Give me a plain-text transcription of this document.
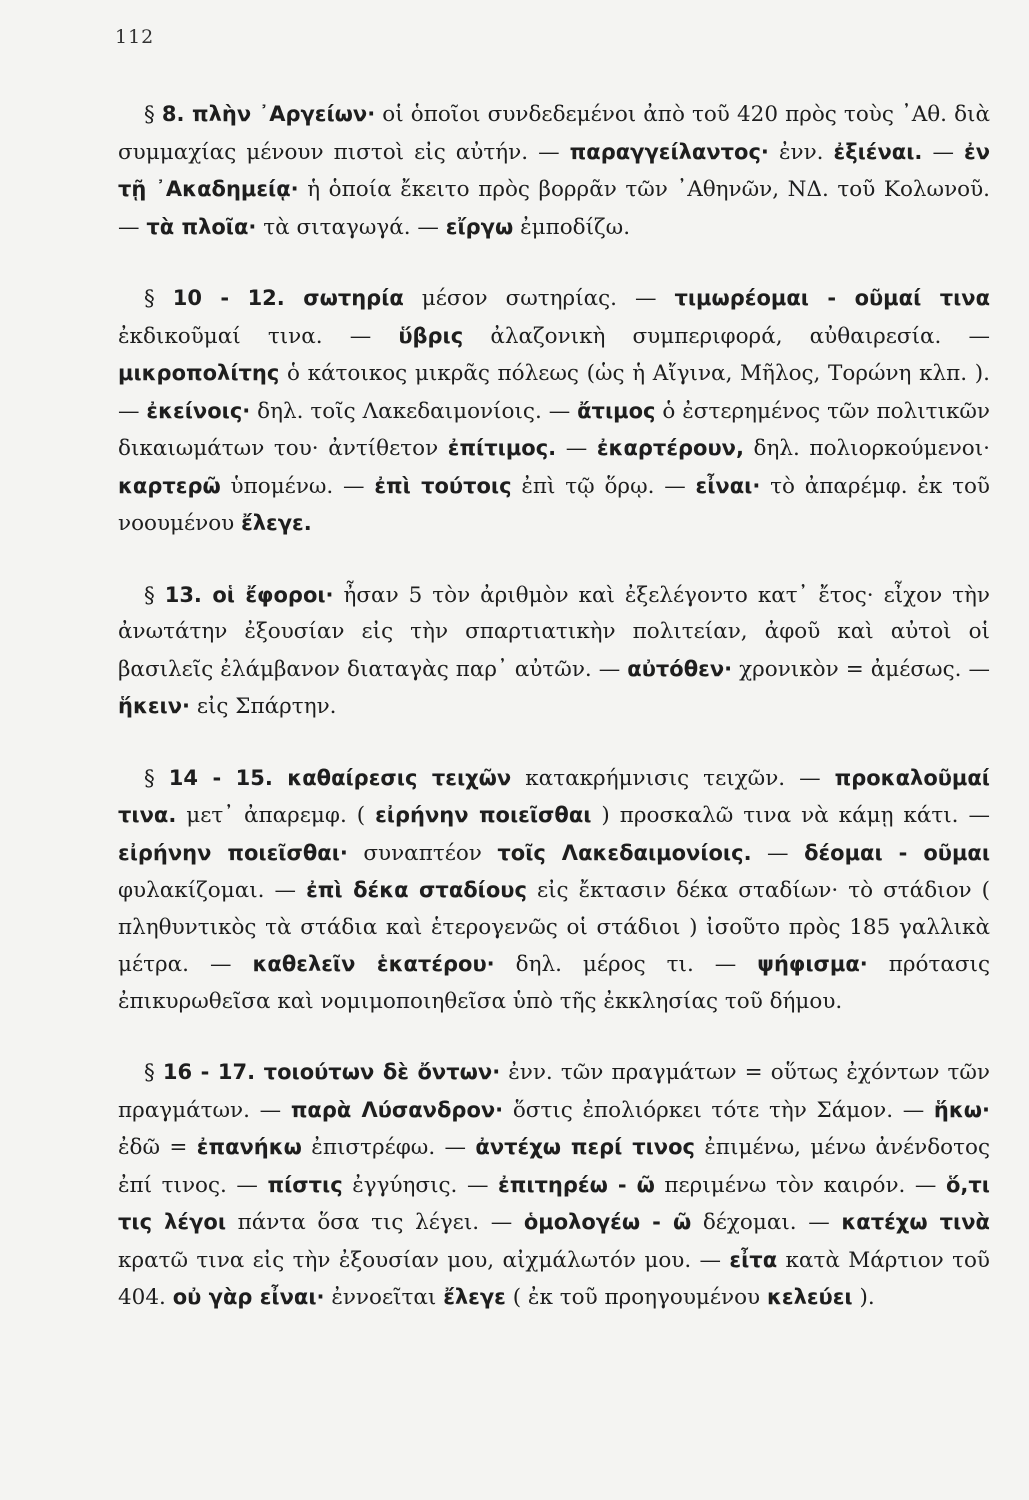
112

§ 8. πλὴν ᾿Αργείων· οἱ ὁποῖοι συνδεδεμένοι ἀπὸ τοῦ 420 πρὸς τοὺς ᾿Αθ. διὰ συμμαχίας μένουν πιστοὶ εἰς αὐτήν. — παραγγείλαντος· ἐνν. ἐξιέναι. — ἐν τῇ ᾿Ακαδημείᾳ· ἡ ὁποία ἔκειτο πρὸς βορρᾶν τῶν ᾿Αθηνῶν, ΝΔ. τοῦ Κολωνοῦ. — τὰ πλοῖα· τὰ σιταγωγά. — εἴργω ἐμποδίζω.

§ 10 - 12. σωτηρία μέσον σωτηρίας. — τιμωρέομαι - οῦμαί τινα ἐκδικοῦμαί τινα. — ὕβρις ἀλαζονικὴ συμπεριφορά, αὐθαιρεσία. — μικροπολίτης ὁ κάτοικος μικρᾶς πόλεως (ὡς ἡ Αἴγινα, Μῆλος, Τορώνη κλπ. ). — ἐκείνοις· δηλ. τοῖς Λακεδαιμονίοις. — ἄτιμος ὁ ἐστερημένος τῶν πολιτικῶν δικαιωμάτων του· ἀντίθετον ἐπίτιμος. — ἐκαρτέρουν, δηλ. πολιορκούμενοι· καρτερῶ ὑπομένω. — ἐπὶ τούτοις ἐπὶ τῷ ὅρῳ. — εἶναι· τὸ ἀπαρέμφ. ἐκ τοῦ νοουμένου ἔλεγε.

§ 13. οἱ ἔφοροι· ἦσαν 5 τὸν ἀριθμὸν καὶ ἐξελέγοντο κατ᾿ ἔτος· εἶχον τὴν ἀνωτάτην ἐξουσίαν εἰς τὴν σπαρτιατικὴν πολιτείαν, ἀφοῦ καὶ αὐτοὶ οἱ βασιλεῖς ἐλάμβανον διαταγὰς παρ᾿ αὐτῶν. — αὐτόθεν· χρονικὸν = ἀμέσως. — ἥκειν· εἰς Σπάρτην.

§ 14 - 15. καθαίρεσις τειχῶν κατακρήμνισις τειχῶν. — προκαλοῦμαί τινα. μετ᾿ ἀπαρεμφ. ( εἰρήνην ποιεῖσθαι ) προσκαλῶ τινα νὰ κάμῃ κάτι. — εἰρήνην ποιεῖσθαι· συναπτέον τοῖς Λακεδαιμονίοις. — δέομαι - οῦμαι φυλακίζομαι. — ἐπὶ δέκα σταδίους εἰς ἔκτασιν δέκα σταδίων· τὸ στάδιον ( πληθυντικὸς τὰ στάδια καὶ ἑτερογενῶς οἱ στάδιοι ) ἰσοῦτο πρὸς 185 γαλλικὰ μέτρα. — καθελεῖν ἑκατέρου· δηλ. μέρος τι. — ψήφισμα· πρότασις ἐπικυρωθεῖσα καὶ νομιμοποιηθεῖσα ὑπὸ τῆς ἐκκλησίας τοῦ δήμου.

§ 16 - 17. τοιούτων δὲ ὄντων· ἐνν. τῶν πραγμάτων = οὕτως ἐχόντων τῶν πραγμάτων. — παρὰ Λύσανδρον· ὅστις ἐπολιόρκει τότε τὴν Σάμον. — ἥκω· ἐδῶ = ἐπανήκω ἐπιστρέφω. — ἀντέχω περί τινος ἐπιμένω, μένω ἀνένδοτος ἐπί τινος. — πίστις ἐγγύησις. — ἐπιτηρέω - ῶ περιμένω τὸν καιρόν. — ὅ,τι τις λέγοι πάντα ὅσα τις λέγει. — ὁμολογέω - ῶ δέχομαι. — κατέχω τινὰ κρατῶ τινα εἰς τὴν ἐξουσίαν μου, αἰχμάλωτόν μου. — εἶτα κατὰ Μάρτιον τοῦ 404. οὐ γὰρ εἶναι· ἐννοεῖται ἔλεγε ( ἐκ τοῦ προηγουμένου κελεύει ).
